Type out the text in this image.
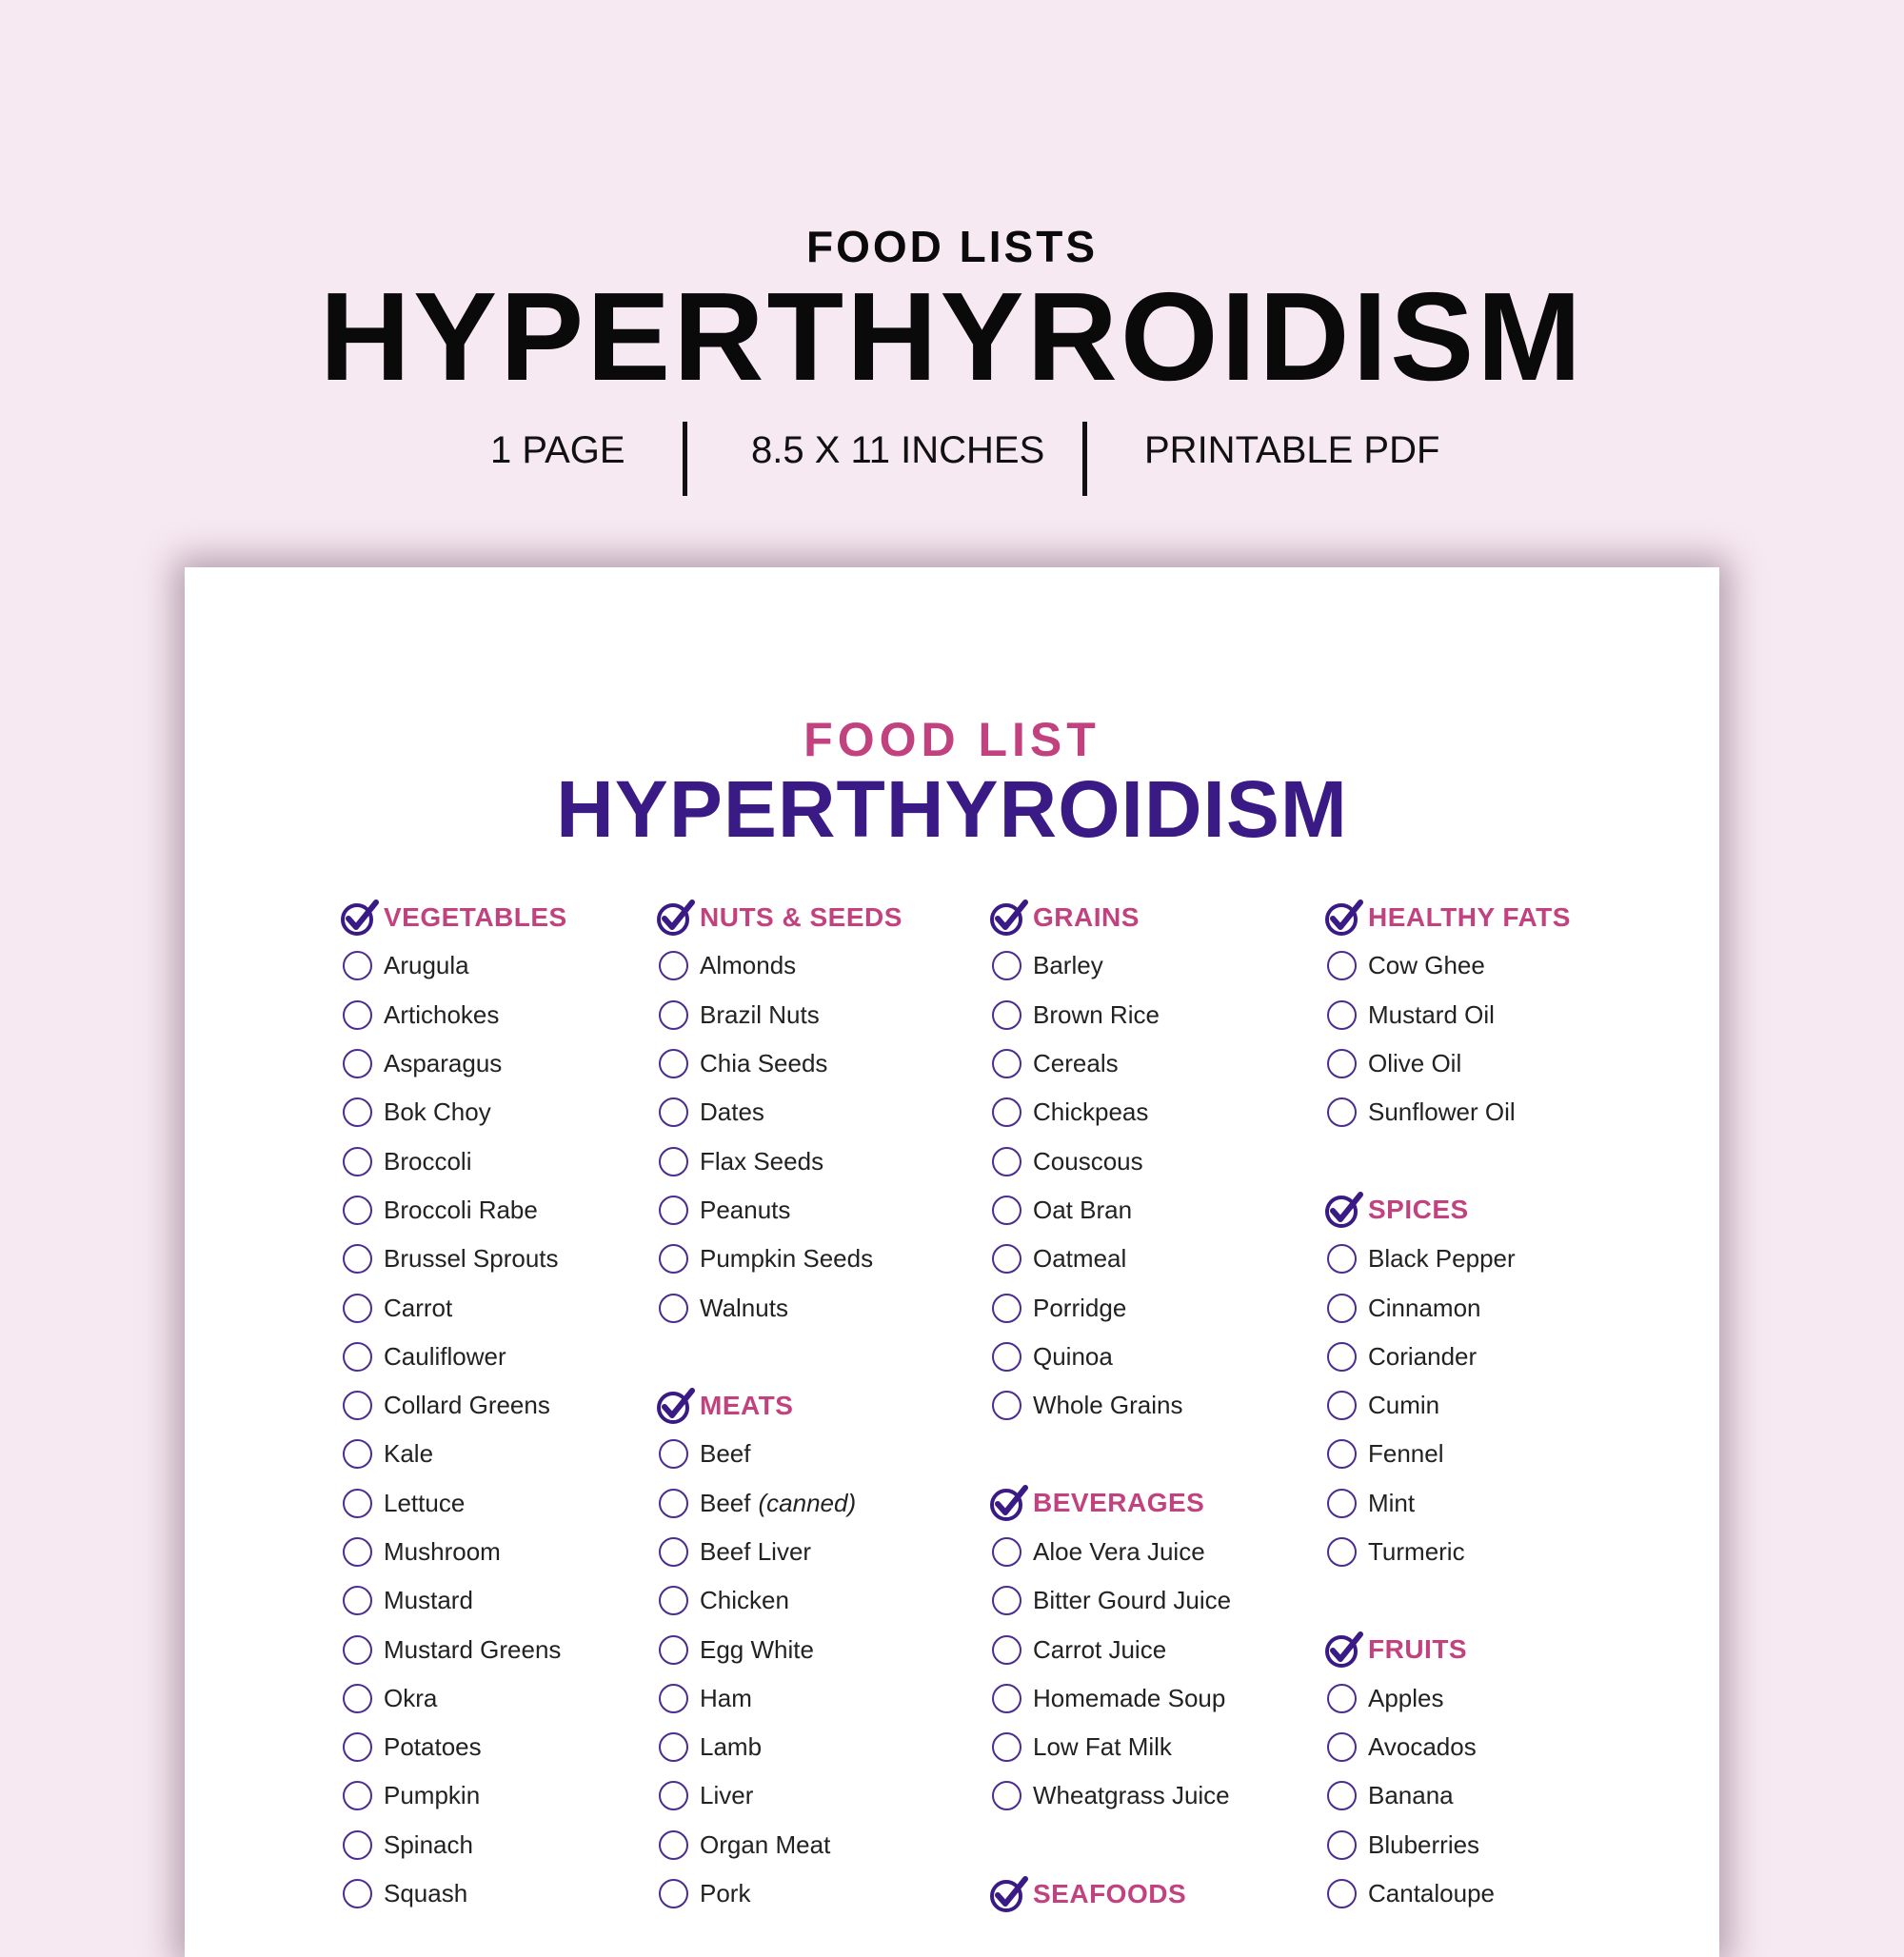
FOOD LISTS
HYPERTHYROIDISM
1 PAGE	8.5 X 11 INCHES	PRINTABLE PDF
FOOD LIST
HYPERTHYROIDISM
VEGETABLES
Arugula
Artichokes
Asparagus
Bok Choy
Broccoli
Broccoli Rabe
Brussel Sprouts
Carrot
Cauliflower
Collard Greens
Kale
Lettuce
Mushroom
Mustard
Mustard Greens
Okra
Potatoes
Pumpkin
Spinach
Squash
NUTS & SEEDS
Almonds
Brazil Nuts
Chia Seeds
Dates
Flax Seeds
Peanuts
Pumpkin Seeds
Walnuts
MEATS
Beef
Beef (canned)
Beef Liver
Chicken
Egg White
Ham
Lamb
Liver
Organ Meat
Pork
GRAINS
Barley
Brown Rice
Cereals
Chickpeas
Couscous
Oat Bran
Oatmeal
Porridge
Quinoa
Whole Grains
BEVERAGES
Aloe Vera Juice
Bitter Gourd Juice
Carrot Juice
Homemade Soup
Low Fat Milk
Wheatgrass Juice
SEAFOODS
HEALTHY FATS
Cow Ghee
Mustard Oil
Olive Oil
Sunflower Oil
SPICES
Black Pepper
Cinnamon
Coriander
Cumin
Fennel
Mint
Turmeric
FRUITS
Apples
Avocados
Banana
Bluberries
Cantaloupe
